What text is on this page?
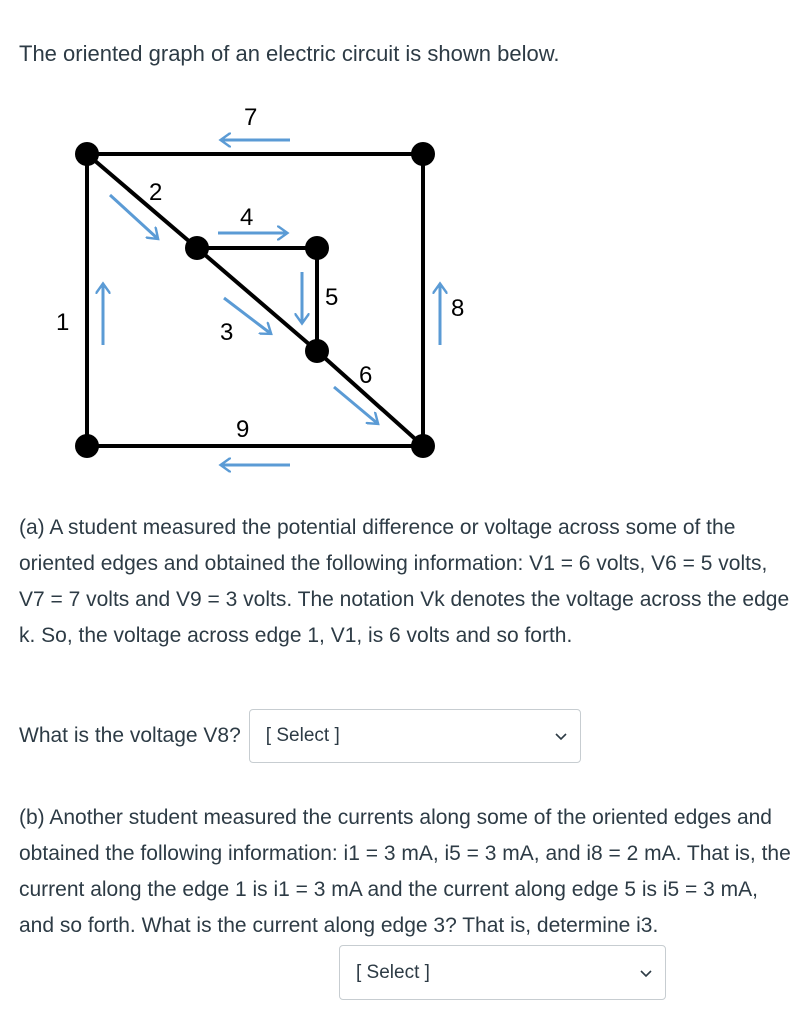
The oriented graph of an electric circuit is shown below.

7
1
9
8
2
4
5
3
6

(a) A student measured the potential difference or voltage across some of the oriented edges and obtained the following information: V1 = 6 volts, V6 = 5 volts, V7 = 7 volts and V9 = 3 volts. The notation Vk denotes the voltage across the edge k. So, the voltage across edge 1, V1, is 6 volts and so forth.

What is the voltage V8? [ Select ]

(b) Another student measured the currents along some of the oriented edges and obtained the following information: i1 = 3 mA, i5 = 3 mA, and i8 = 2 mA. That is, the current along the edge 1 is i1 = 3 mA and the current along edge 5 is i5 = 3 mA, and so forth. What is the current along edge 3? That is, determine i3.

[ Select ]
